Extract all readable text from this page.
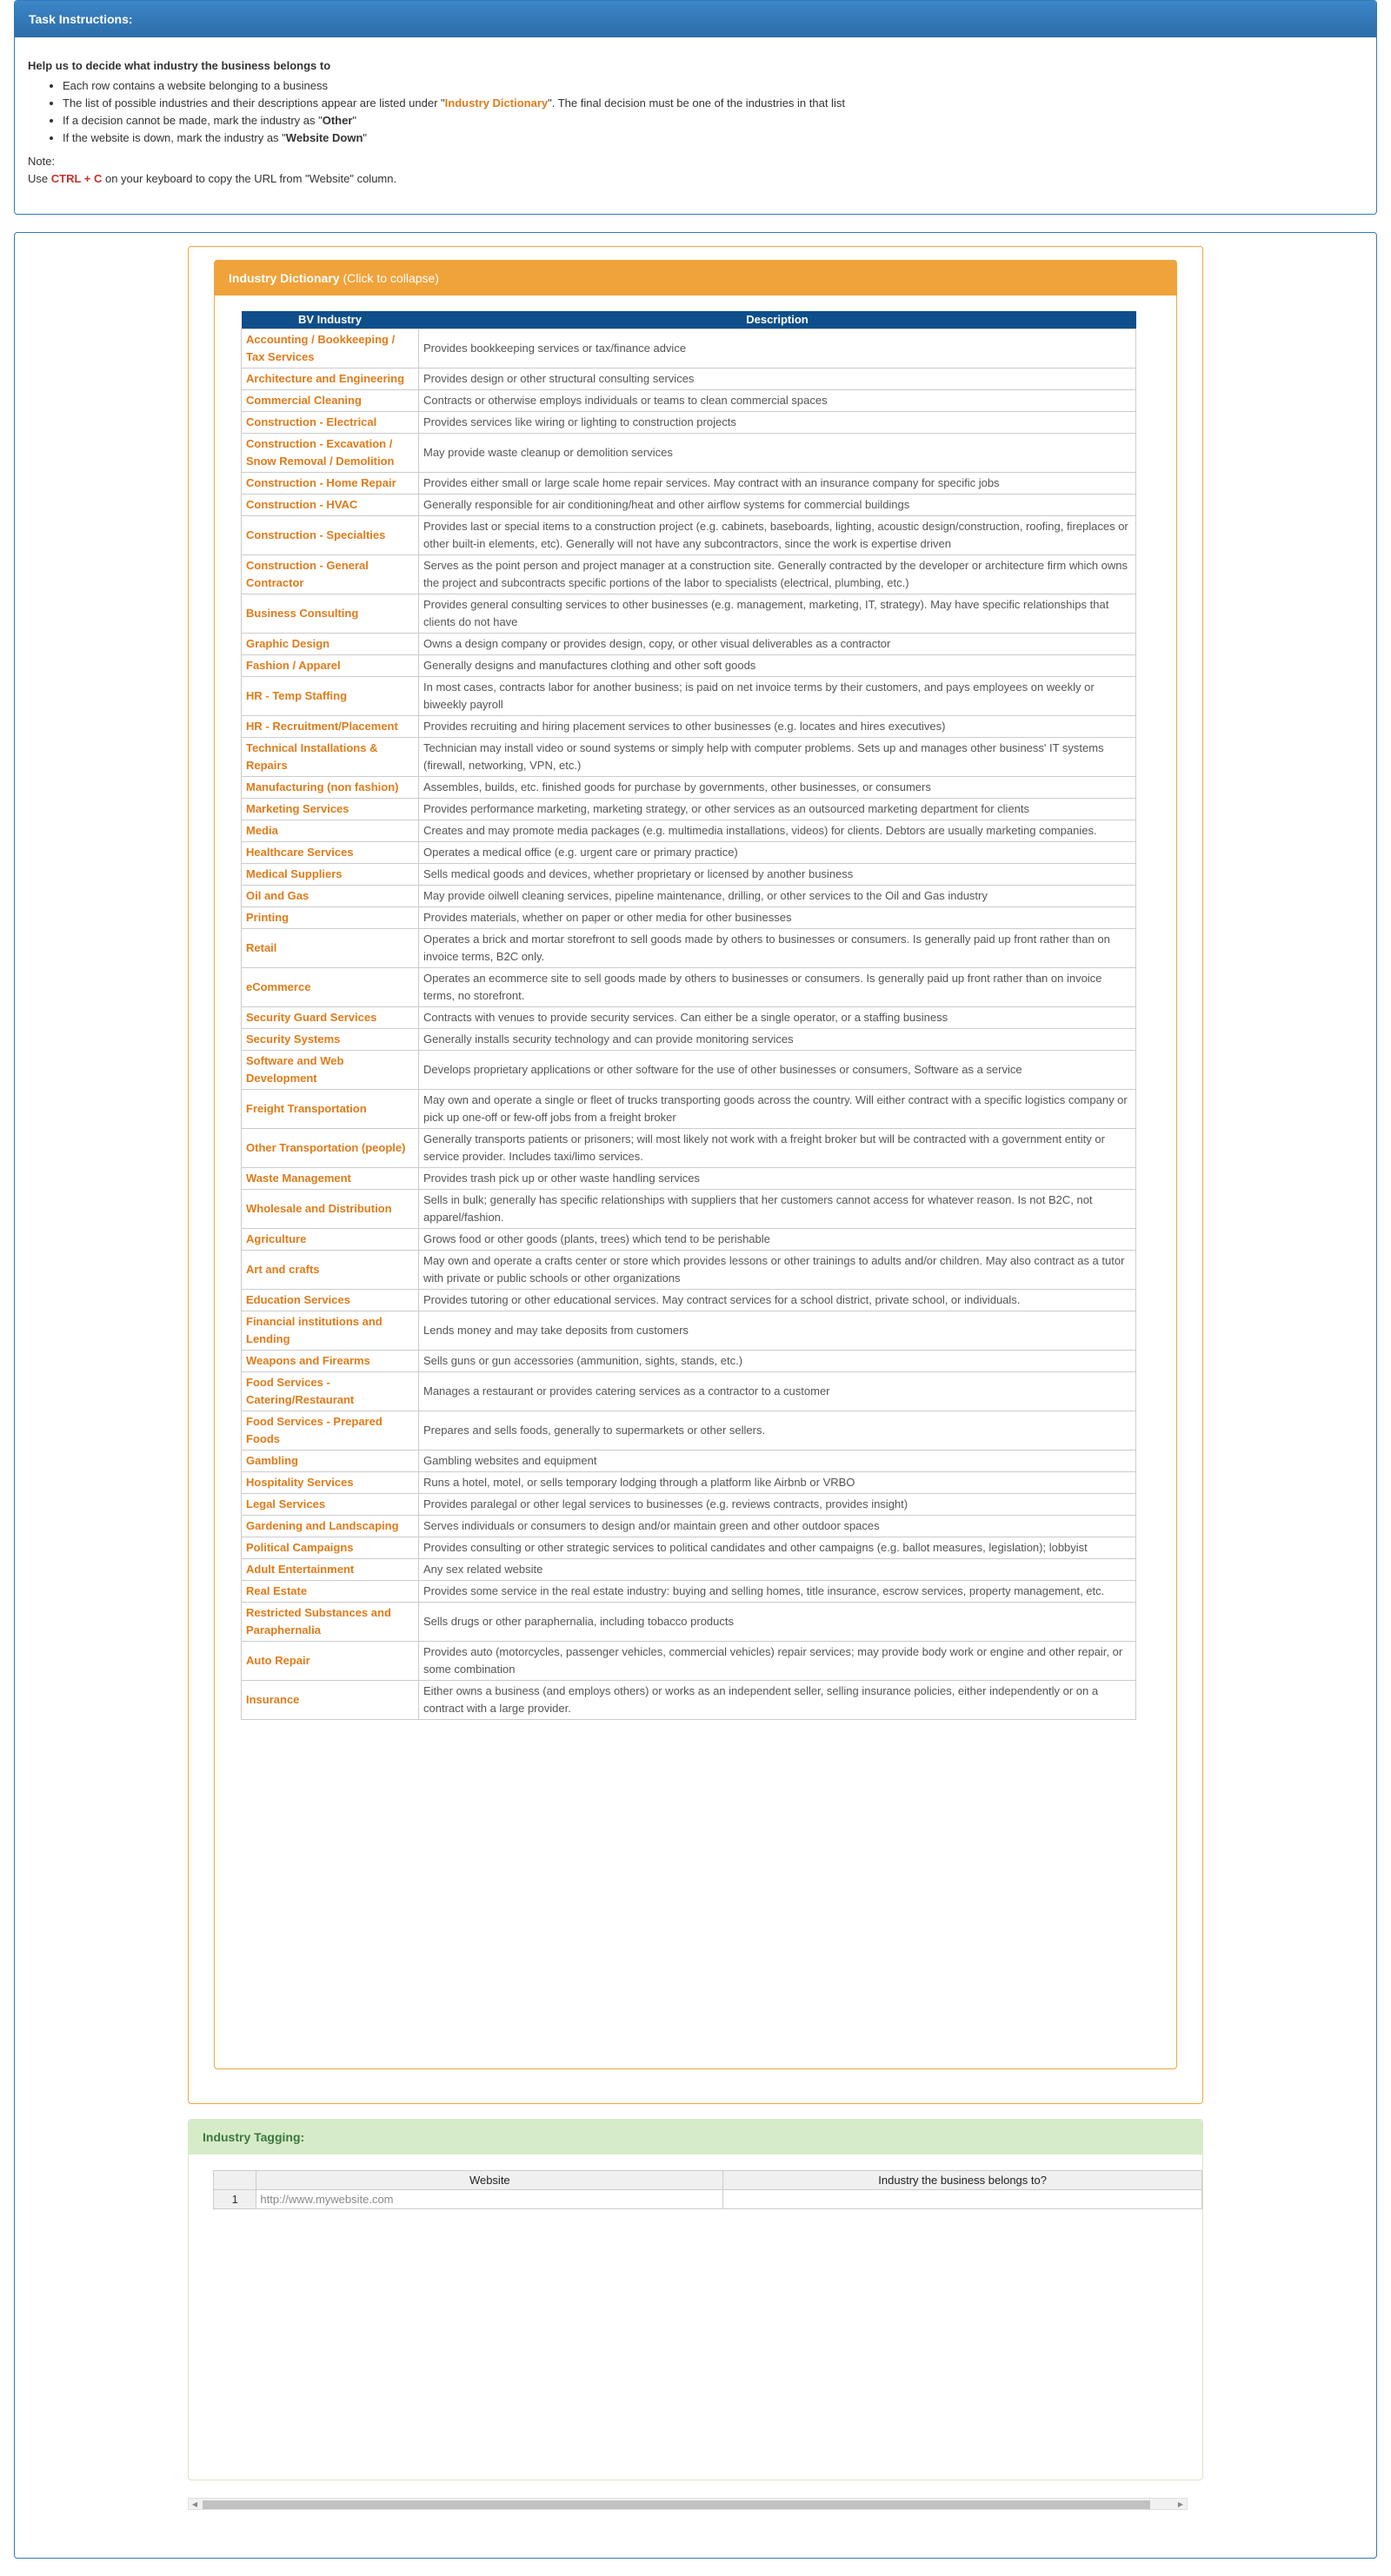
Task Instructions:

Help us to decide what industry the business belongs to

• Each row contains a website belonging to a business
• The list of possible industries and their descriptions appear are listed under "Industry Dictionary". The final decision must be one of the industries in that list
• If a decision cannot be made, mark the industry as "Other"
• If the website is down, mark the industry as "Website Down"
Note:
Use CTRL + C on your keyboard to copy the URL from "Website" column.
Industry Dictionary (Click to collapse)
BV Industry	Description
Accounting / Bookkeeping / Tax Services	Provides bookkeeping services or tax/finance advice
Architecture and Engineering	Provides design or other structural consulting services
Commercial Cleaning	Contracts or otherwise employs individuals or teams to clean commercial spaces
Construction - Electrical	Provides services like wiring or lighting to construction projects
Construction - Excavation / Snow Removal / Demolition	May provide waste cleanup or demolition services
Construction - Home Repair	Provides either small or large scale home repair services. May contract with an insurance company for specific jobs
Construction - HVAC	Generally responsible for air conditioning/heat and other airflow systems for commercial buildings
Construction - Specialties	Provides last or special items to a construction project (e.g. cabinets, baseboards, lighting, acoustic design/construction, roofing, fireplaces or other built-in elements, etc). Generally will not have any subcontractors, since the work is expertise driven
Construction - General Contractor	Serves as the point person and project manager at a construction site. Generally contracted by the developer or architecture firm which owns the project and subcontracts specific portions of the labor to specialists (electrical, plumbing, etc.)
Business Consulting	Provides general consulting services to other businesses (e.g. management, marketing, IT, strategy). May have specific relationships that clients do not have
Graphic Design	Owns a design company or provides design, copy, or other visual deliverables as a contractor
Fashion / Apparel	Generally designs and manufactures clothing and other soft goods
HR - Temp Staffing	In most cases, contracts labor for another business; is paid on net invoice terms by their customers, and pays employees on weekly or biweekly payroll
HR - Recruitment/Placement	Provides recruiting and hiring placement services to other businesses (e.g. locates and hires executives)
Technical Installations & Repairs	Technician may install video or sound systems or simply help with computer problems. Sets up and manages other business' IT systems (firewall, networking, VPN, etc.)
Manufacturing (non fashion)	Assembles, builds, etc. finished goods for purchase by governments, other businesses, or consumers
Marketing Services	Provides performance marketing, marketing strategy, or other services as an outsourced marketing department for clients
Media	Creates and may promote media packages (e.g. multimedia installations, videos) for clients. Debtors are usually marketing companies.
Healthcare Services	Operates a medical office (e.g. urgent care or primary practice)
Medical Suppliers	Sells medical goods and devices, whether proprietary or licensed by another business
Oil and Gas	May provide oilwell cleaning services, pipeline maintenance, drilling, or other services to the Oil and Gas industry
Printing	Provides materials, whether on paper or other media for other businesses
Retail	Operates a brick and mortar storefront to sell goods made by others to businesses or consumers. Is generally paid up front rather than on invoice terms, B2C only.
eCommerce	Operates an ecommerce site to sell goods made by others to businesses or consumers. Is generally paid up front rather than on invoice terms, no storefront.
Security Guard Services	Contracts with venues to provide security services. Can either be a single operator, or a staffing business
Security Systems	Generally installs security technology and can provide monitoring services
Software and Web Development	Develops proprietary applications or other software for the use of other businesses or consumers, Software as a service
Freight Transportation	May own and operate a single or fleet of trucks transporting goods across the country. Will either contract with a specific logistics company or pick up one-off or few-off jobs from a freight broker
Other Transportation (people)	Generally transports patients or prisoners; will most likely not work with a freight broker but will be contracted with a government entity or service provider. Includes taxi/limo services.
Waste Management	Provides trash pick up or other waste handling services
Wholesale and Distribution	Sells in bulk; generally has specific relationships with suppliers that her customers cannot access for whatever reason. Is not B2C, not apparel/fashion.
Agriculture	Grows food or other goods (plants, trees) which tend to be perishable
Art and crafts	May own and operate a crafts center or store which provides lessons or other trainings to adults and/or children. May also contract as a tutor with private or public schools or other organizations
Education Services	Provides tutoring or other educational services. May contract services for a school district, private school, or individuals.
Financial institutions and Lending	Lends money and may take deposits from customers
Weapons and Firearms	Sells guns or gun accessories (ammunition, sights, stands, etc.)
Food Services - Catering/Restaurant	Manages a restaurant or provides catering services as a contractor to a customer
Food Services - Prepared Foods	Prepares and sells foods, generally to supermarkets or other sellers.
Gambling	Gambling websites and equipment
Hospitality Services	Runs a hotel, motel, or sells temporary lodging through a platform like Airbnb or VRBO
Legal Services	Provides paralegal or other legal services to businesses (e.g. reviews contracts, provides insight)
Gardening and Landscaping	Serves individuals or consumers to design and/or maintain green and other outdoor spaces
Political Campaigns	Provides consulting or other strategic services to political candidates and other campaigns (e.g. ballot measures, legislation); lobbyist
Adult Entertainment	Any sex related website
Real Estate	Provides some service in the real estate industry: buying and selling homes, title insurance, escrow services, property management, etc.
Restricted Substances and Paraphernalia	Sells drugs or other paraphernalia, including tobacco products
Auto Repair	Provides auto (motorcycles, passenger vehicles, commercial vehicles) repair services; may provide body work or engine and other repair, or some combination
Insurance	Either owns a business (and employs others) or works as an independent seller, selling insurance policies, either independently or on a contract with a large provider.
Industry Tagging:
	Website	Industry the business belongs to?
1	http://www.mywebsite.com	
◀	▶
